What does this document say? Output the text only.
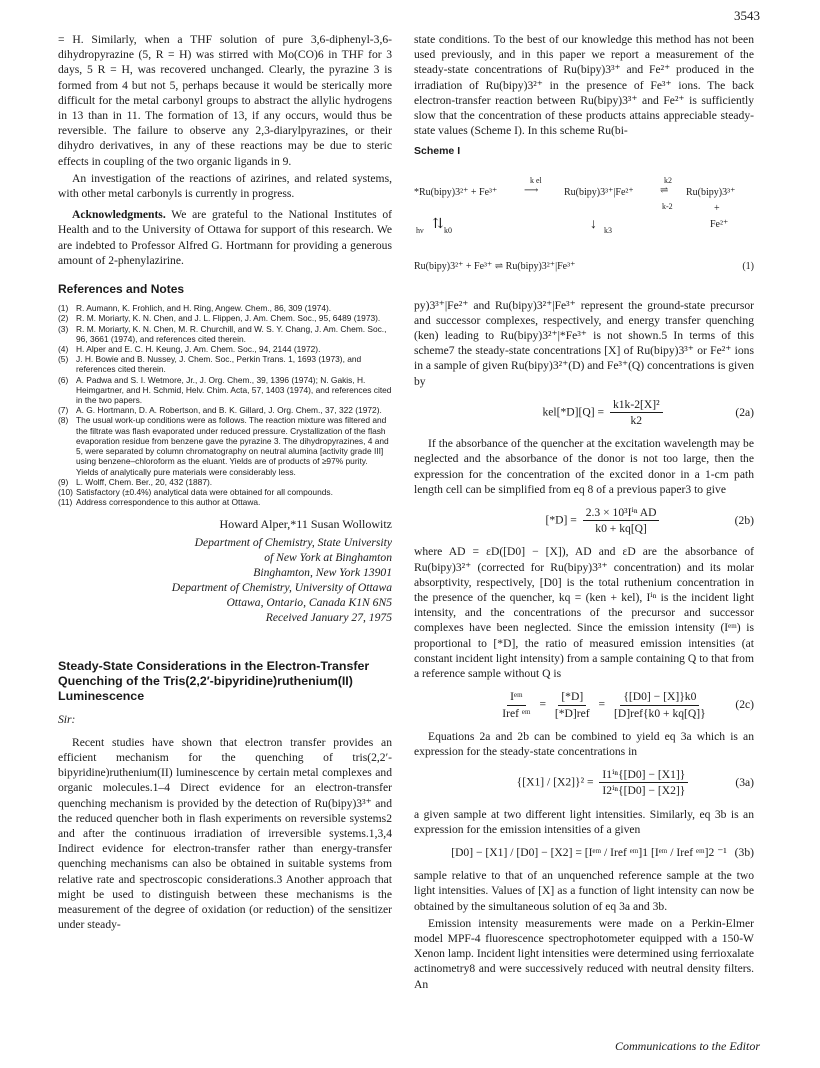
3543

= H. Similarly, when a THF solution of pure 3,6-diphenyl-3,6-dihydropyrazine (5, R = H) was stirred with Mo(CO)6 in THF for 3 days, 5 R = H, was recovered unchanged. Clearly, the pyrazine 3 is formed from 4 but not 5, perhaps because it would be sterically more difficult for the metal carbonyl groups to abstract the allylic hydrogens in 13 than in 11. The formation of 13, if any occurs, would thus be reversible. The failure to observe any 2,3-diarylpyrazines, or their dihydro derivatives, in any of these reactions may be due to steric effects in coupling of the two organic ligands in 9.

An investigation of the reactions of azirines, and related systems, with other metal carbonyls is currently in progress.

Acknowledgments. We are grateful to the National Institutes of Health and to the University of Ottawa for support of this research. We are indebted to Professor Alfred G. Hortmann for providing a generous amount of 2-phenylazirine.

References and Notes
(1) R. Aumann, K. Frohlich, and H. Ring, Angew. Chem., 86, 309 (1974).
(2) R. M. Moriarty, K. N. Chen, and J. L. Flippen, J. Am. Chem. Soc., 95, 6489 (1973).
(3) R. M. Moriarty, K. N. Chen, M. R. Churchill, and W. S. Y. Chang, J. Am. Chem. Soc., 96, 3661 (1974), and references cited therein.
(4) H. Alper and E. C. H. Keung, J. Am. Chem. Soc., 94, 2144 (1972).
(5) J. H. Bowie and B. Nussey, J. Chem. Soc., Perkin Trans. 1, 1693 (1973), and references cited therein.
(6) A. Padwa and S. I. Wetmore, Jr., J. Org. Chem., 39, 1396 (1974); N. Gakis, H. Heimgartner, and H. Schmid, Helv. Chim. Acta, 57, 1403 (1974), and references cited in the two papers.
(7) A. G. Hortmann, D. A. Robertson, and B. K. Gillard, J. Org. Chem., 37, 322 (1972).
(8) The usual work-up conditions were as follows. The reaction mixture was filtered and the filtrate was flash evaporated under reduced pressure. Crystallization of the flash evaporation residue from benzene gave the pyrazine 3. The dihydropyrazines, 4 and 5, were separated by column chromatography on neutral alumina [activity grade III] using benzene–chloroform as the eluant. Yields are of products of ≥97% purity. Yields of analytically pure materials were considerably less.
(9) L. Wolff, Chem. Ber., 20, 432 (1887).
(10) Satisfactory (±0.4%) analytical data were obtained for all compounds.
(11) Address correspondence to this author at Ottawa.
Howard Alper,*11 Susan Wollowitz
Department of Chemistry, State University
of New York at Binghamton
Binghamton, New York 13901
Department of Chemistry, University of Ottawa
Ottawa, Ontario, Canada K1N 6N5
Received January 27, 1975
Steady-State Considerations in the Electron-Transfer Quenching of the Tris(2,2′-bipyridine)ruthenium(II) Luminescence
Sir:

Recent studies have shown that electron transfer provides an efficient mechanism for the quenching of tris(2,2′-bipyridine)ruthenium(II) luminescence by certain metal complexes and organic molecules.1–4 Direct evidence for an electron-transfer quenching mechanism is provided by the detection of Ru(bipy)3³⁺ and the reduced quencher both in flash experiments on reversible systems2 and after the continuous irradiation of irreversible systems.1,3,4 Indirect evidence for electron-transfer rather than energy-transfer quenching mechanisms can also be obtained in suitable systems from relative rate and spectroscopic considerations.3 Another approach that might be used to distinguish between these mechanisms is the measurement of the degree of oxidation (or reduction) of the sensitizer under steady-

state conditions. To the best of our knowledge this method has not been used previously, and in this paper we report a measurement of the steady-state concentrations of Ru(bipy)3³⁺ and Fe²⁺ produced in the irradiation of Ru(bipy)3²⁺ in the presence of Fe³⁺ ions. The back electron-transfer reaction between Ru(bipy)3³⁺ and Fe²⁺ is sufficiently slow that the concentration of these products attains appreciable steady-state values (Scheme I). In this scheme Ru(bi-

Scheme I
*Ru(bipy)3²⁺ + Fe³⁺
k el
⟶	Ru(bipy)3³⁺|Fe²⁺
k2
⇌
k-2
Ru(bipy)3³⁺
+
Fe²⁺
hν ⇅ k0	↓ k3
Ru(bipy)3²⁺ + Fe³⁺ ⇌ Ru(bipy)3²⁺|Fe³⁺	(1)

py)3³⁺|Fe²⁺ and Ru(bipy)3²⁺|Fe³⁺ represent the ground-state precursor and successor complexes, respectively, and energy transfer quenching (ken) leading to Ru(bipy)3²⁺|*Fe³⁺ is not shown.5 In terms of this scheme7 the steady-state concentrations [X] of Ru(bipy)3³⁺ or Fe²⁺ ions in a sample of given Ru(bipy)3²⁺(D) and Fe³⁺(Q) concentrations is given by

$kel[*D][Q] = \frac{\text{k1k-2[X]²}}{k2}$	(2a)

If the absorbance of the quencher at the excitation wavelength may be neglected and the absorbance of the donor is not too large, then the expression for the concentration of the excited donor in a 1-cm path length cell can be simplified from eq 8 of a previous paper3 to give

$[*D] = \frac{\text{2.3 × 10³Iⁱⁿ AD}}{k0 + kq[Q]}$	(2b)

where AD = εD([D0] − [X]), AD and εD are the absorbance of Ru(bipy)3²⁺ (corrected for Ru(bipy)3³⁺ concentration) and its molar absorptivity, respectively, [D0] is the total ruthenium concentration in the presence of the quencher, kq = (ken + kel), Iⁱⁿ is the incident light intensity, and the concentrations of the precursor and successor complexes have been neglected. Since the emission intensity (Iᵉᵐ) is proportional to [*D], the ratio of measured emission intensities (at constant incident light intensity) from a sample containing Q to that from a reference sample without Q is

$\frac{\text{Iᵉᵐ}}{\text{Iref ᵉᵐ}} = \frac{[*D]}{\text{[*D]ref}} = \frac{\{[D0] - [X]\}k0}{\text{[D]ref\{k0 + kq[Q]\}}} (2c)$

Equations 2a and 2b can be combined to yield eq 3a which is an expression for the steady-state concentrations in

$\{[X1] / [X2]\}^2 = \frac{\text{I1ⁱⁿ\{[D0] − [X1]\}}}{\text{I2ⁱⁿ\{[D0] − [X2]\}}}$	(3a)

a given sample at two different light intensities. Similarly, eq 3b is an expression for the emission intensities of a given

[D0] − [X1] / [D0] − [X2] = [Iᵉᵐ / Iref ᵉᵐ]1 [Iᵉᵐ / Iref ᵉᵐ]2 ⁻¹ (3b)

sample relative to that of an unquenched reference sample at the two light intensities. Values of [X] as a function of light intensity can now be obtained by the simultaneous solution of eq 3a and 3b.

Emission intensity measurements were made on a Perkin-Elmer model MPF-4 fluorescence spectrophotometer equipped with a 150-W Xenon lamp. Incident light intensities were determined using ferrioxalate actinometry8 and were successively reduced with neutral density filters. An

Communications to the Editor
